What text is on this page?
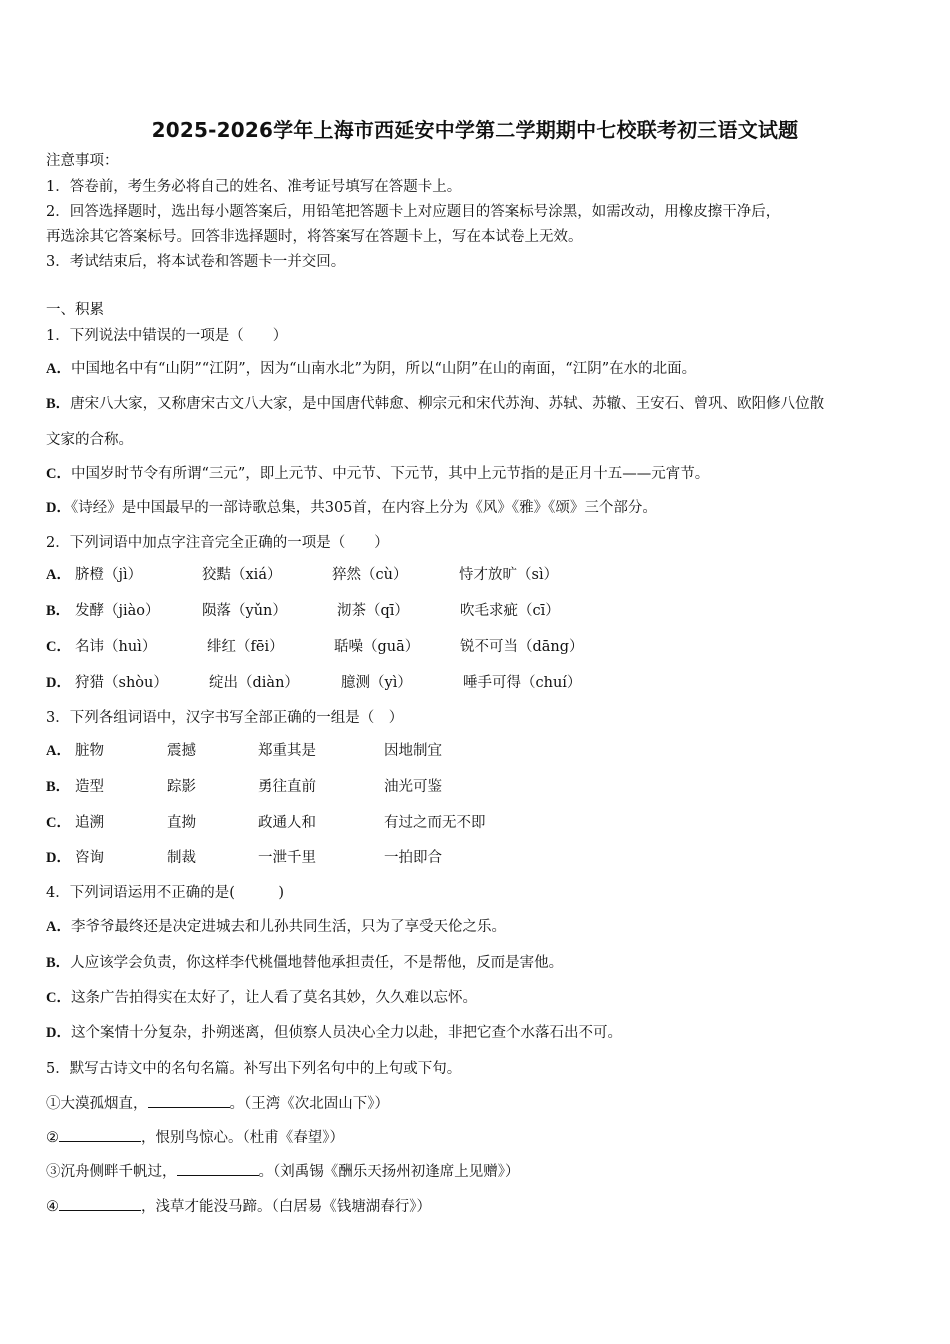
2025-2026学年上海市西延安中学第二学期期中七校联考初三语文试题
注意事项：
1．答卷前，考生务必将自己的姓名、准考证号填写在答题卡上。
2．回答选择题时，选出每小题答案后，用铅笔把答题卡上对应题目的答案标号涂黑，如需改动，用橡皮擦干净后，
再选涂其它答案标号。回答非选择题时，将答案写在答题卡上，写在本试卷上无效。
3．考试结束后，将本试卷和答题卡一并交回。
一、积累
1．下列说法中错误的一项是（　　）
A．中国地名中有“山阴”“江阴”，因为“山南水北”为阴，所以“山阴”在山的南面，“江阴”在水的北面。
B．唐宋八大家，又称唐宋古文八大家，是中国唐代韩愈、柳宗元和宋代苏洵、苏轼、苏辙、王安石、曾巩、欧阳修八位散
文家的合称。
C．中国岁时节令有所谓“三元”，即上元节、中元节、下元节，其中上元节指的是正月十五——元宵节。
D．《诗经》是中国最早的一部诗歌总集，共305首，在内容上分为《风》《雅》《颂》三个部分。
2．下列词语中加点字注音完全正确的一项是（　　）
A． 脐橙（jì）	狡黠（xiá）	猝然（cù）	恃才放旷（sì）
B． 发酵（jiào）	陨落（yǔn）	沏茶（qī）	吹毛求疵（cī）
C． 名讳（huì）	绯红（fēi）	聒噪（guā）	锐不可当（dāng）
D． 狩猎（shòu）	绽出（diàn）	臆测（yì）	唾手可得（chuí）
3．下列各组词语中，汉字书写全部正确的一组是（　）
A． 脏物	震撼	郑重其是	因地制宜
B． 造型	踪影	勇往直前	油光可鉴
C． 追溯	直拗	政通人和	有过之而无不即
D． 咨询	制裁	一泄千里	一拍即合
4．下列词语运用不正确的是(　　　)
A．李爷爷最终还是决定进城去和儿孙共同生活，只为了享受天伦之乐。
B．人应该学会负责，你这样李代桃僵地替他承担责任，不是帮他，反而是害他。
C．这条广告拍得实在太好了，让人看了莫名其妙，久久难以忘怀。
D．这个案情十分复杂，扑朔迷离，但侦察人员决心全力以赴，非把它查个水落石出不可。
5．默写古诗文中的名句名篇。补写出下列名句中的上句或下句。
①大漠孤烟直，	。（王湾《次北固山下》）
②	，恨别鸟惊心。（杜甫《春望》）
③沉舟侧畔千帆过，	。（刘禹锡《酬乐天扬州初逢席上见赠》）
④	，浅草才能没马蹄。（白居易《钱塘湖春行》）
